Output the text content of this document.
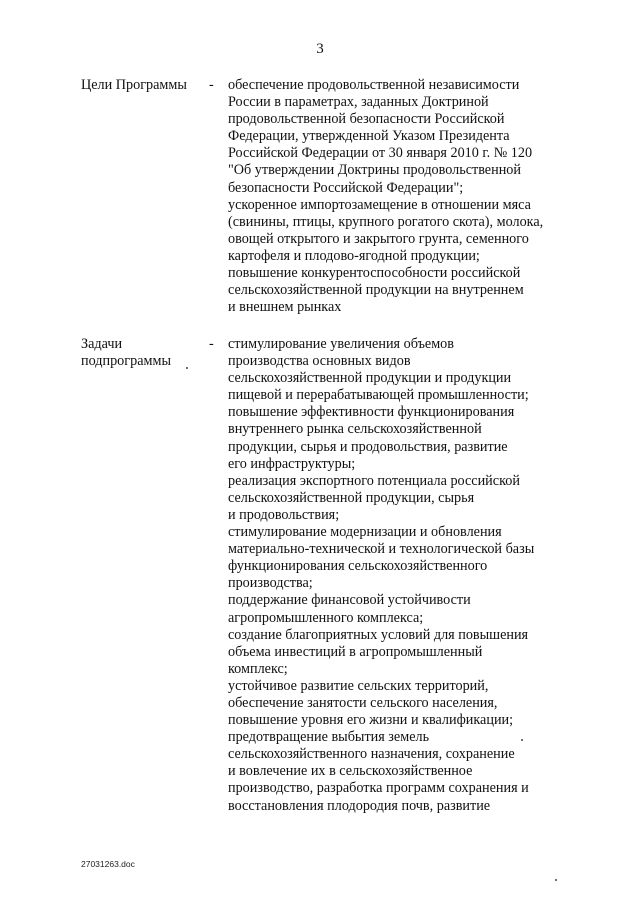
3
Цели Программы	- обеспечение продовольственной независимости
России в параметрах, заданных Доктриной
продовольственной безопасности Российской
Федерации, утвержденной Указом Президента
Российской Федерации от 30 января 2010 г. № 120
"Об утверждении Доктрины продовольственной
безопасности Российской Федерации";
ускоренное импортозамещение в отношении мяса
(свинины, птицы, крупного рогатого скота), молока,
овощей открытого и закрытого грунта, семенного
картофеля и плодово-ягодной продукции;
повышение конкурентоспособности российской
сельскохозяйственной продукции на внутреннем
и внешнем рынках
Задачи
подпрограммы
- стимулирование увеличения объемов
производства основных видов
сельскохозяйственной продукции и продукции
пищевой и перерабатывающей промышленности;
повышение эффективности функционирования
внутреннего рынка сельскохозяйственной
продукции, сырья и продовольствия, развитие
его инфраструктуры;
реализация экспортного потенциала российской
сельскохозяйственной продукции, сырья
и продовольствия;
стимулирование модернизации и обновления
материально-технической и технологической базы
функционирования сельскохозяйственного
производства;
поддержание финансовой устойчивости
агропромышленного комплекса;
создание благоприятных условий для повышения
объема инвестиций в агропромышленный
комплекс;
устойчивое развитие сельских территорий,
обеспечение занятости сельского населения,
повышение уровня его жизни и квалификации;
предотвращение выбытия земель
сельскохозяйственного назначения, сохранение
и вовлечение их в сельскохозяйственное
производство, разработка программ сохранения и
восстановления плодородия почв, развитие
27031263.doc
